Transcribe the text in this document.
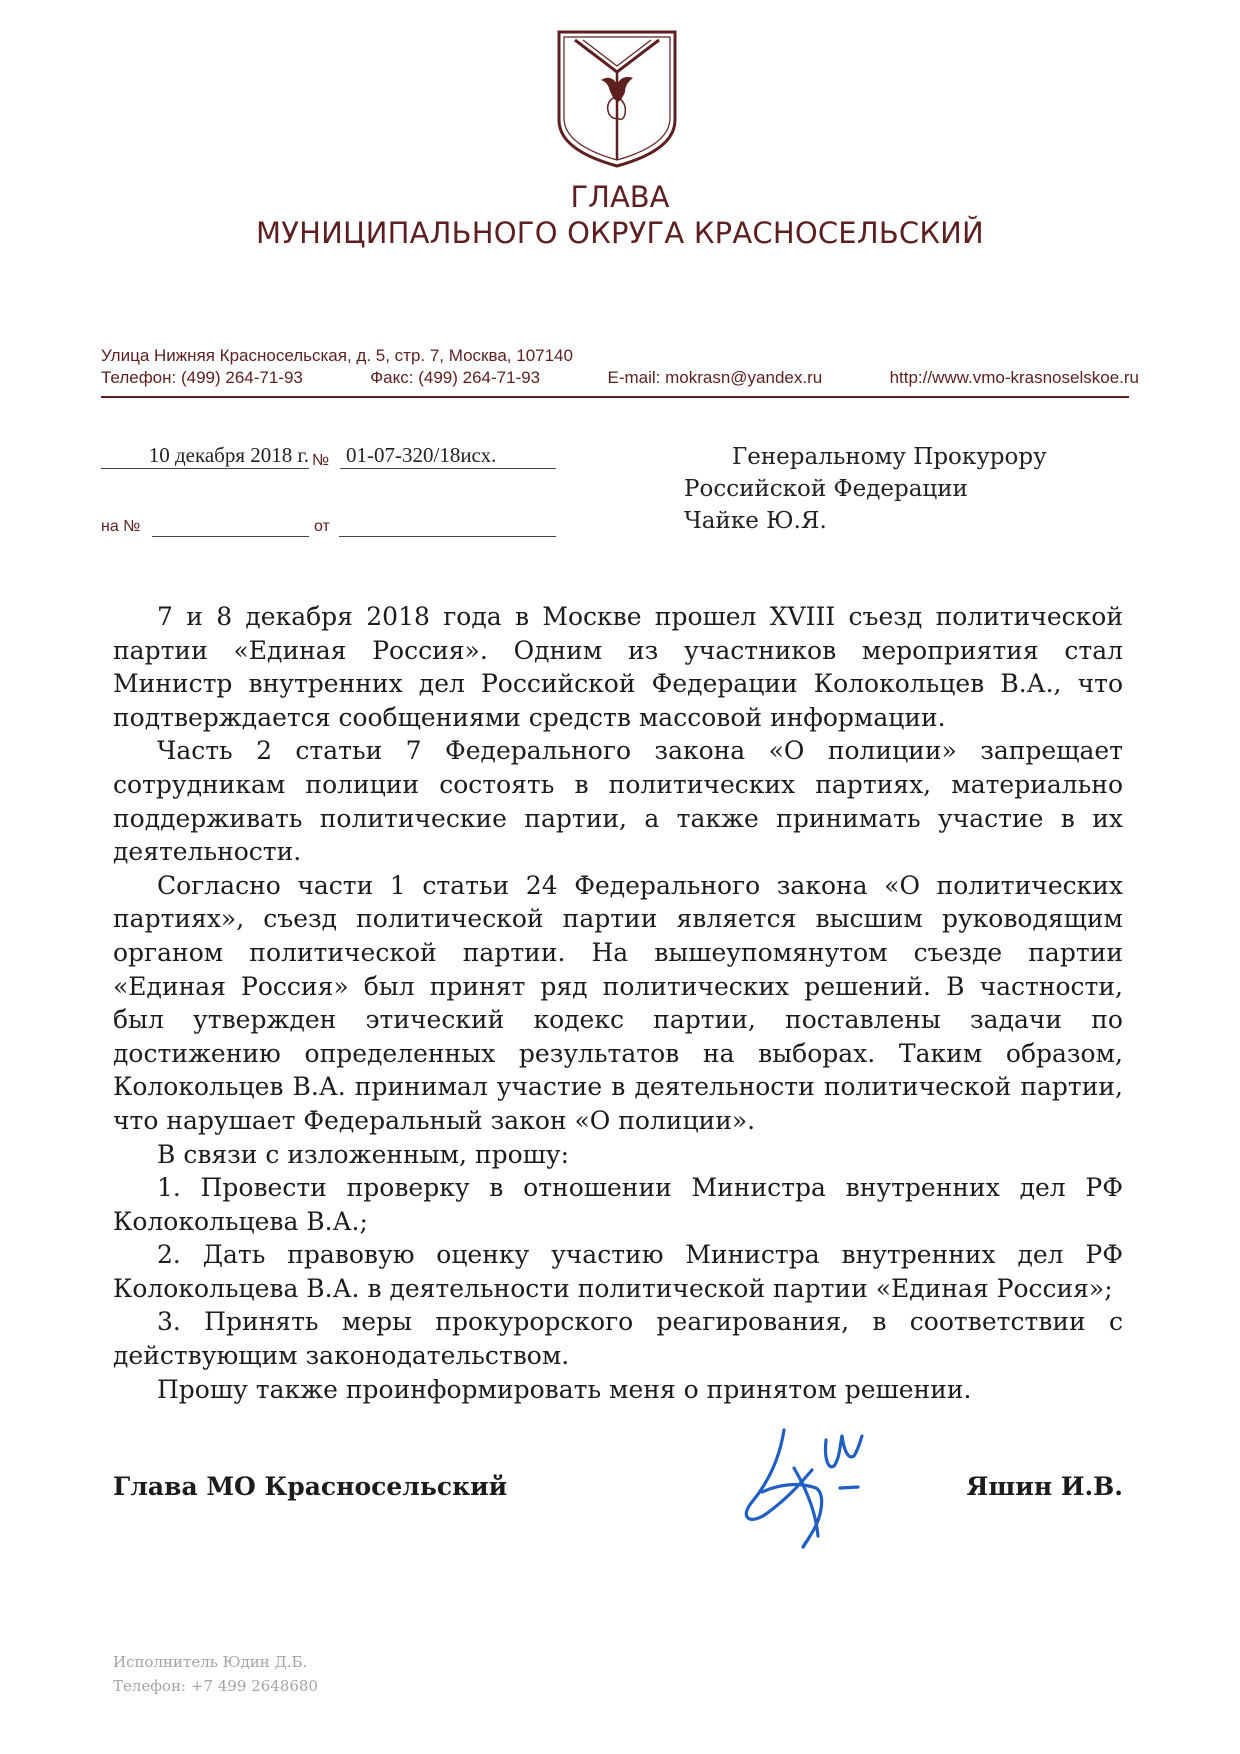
ГЛАВА
МУНИЦИПАЛЬНОГО ОКРУГА КРАСНОСЕЛЬСКИЙ
Улица Нижняя Красносельская, д. 5, стр. 7, Москва, 107140
Телефон: (499) 264-71-93	Факс: (499) 264-71-93	E-mail: mokrasn@yandex.ru	http://www.vmo-krasnoselskoe.ru
10 декабря 2018 г. № 01-07-320/18исх.
на №	от
Генеральному Прокурору
Российской Федерации
Чайке Ю.Я.

7 и 8 декабря 2018 года в Москве прошел XVIII съезд политической партии «Единая Россия». Одним из участников мероприятия стал Министр внутренних дел Российской Федерации Колокольцев В.А., что подтверждается сообщениями средств массовой информации.

Часть 2 статьи 7 Федерального закона «О полиции» запрещает сотрудникам полиции состоять в политических партиях, материально поддерживать политические партии, а также принимать участие в их деятельности.

Согласно части 1 статьи 24 Федерального закона «О политических партиях», съезд политической партии является высшим руководящим органом политической партии. На вышеупомянутом съезде партии «Единая Россия» был принят ряд политических решений. В частности, был утвержден этический кодекс партии, поставлены задачи по достижению определенных результатов на выборах. Таким образом, Колокольцев В.А. принимал участие в деятельности политической партии, что нарушает Федеральный закон «О полиции».

В связи с изложенным, прошу:

1. Провести проверку в отношении Министра внутренних дел РФ Колокольцева В.А.;

2. Дать правовую оценку участию Министра внутренних дел РФ Колокольцева В.А. в деятельности политической партии «Единая Россия»;

3. Принять меры прокурорского реагирования, в соответствии с действующим законодательством.

Прошу также проинформировать меня о принятом решении.

Глава МО Красносельский	Яшин И.В.
Исполнитель Юдин Д.Б.
Телефон: +7 499 2648680
